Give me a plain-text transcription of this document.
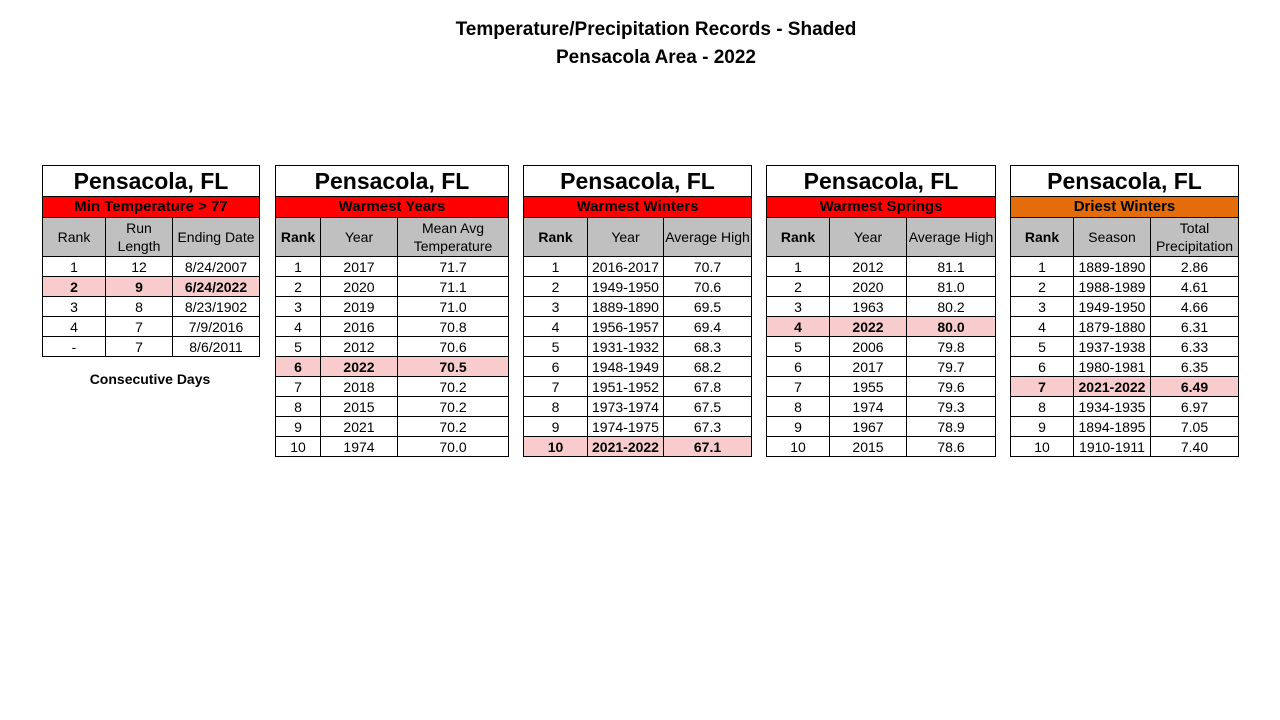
Temperature/Precipitation Records - Shaded
Pensacola Area - 2022
Pensacola, FL		
Min Temperature > 77		
Rank	Run Length	Ending Date
1	12	8/24/2007
2	9	6/24/2022
3	8	8/23/1902
4	7	7/9/2016
-	7	8/6/2011
Pensacola, FL		
Warmest Years		
Rank	Year	Mean Avg Temperature
1	2017	71.7
2	2020	71.1
3	2019	71.0
4	2016	70.8
5	2012	70.6
6	2022	70.5
7	2018	70.2
8	2015	70.2
9	2021	70.2
10	1974	70.0
Pensacola, FL		
Warmest Winters		
Rank	Year	Average High
1	2016-2017	70.7
2	1949-1950	70.6
3	1889-1890	69.5
4	1956-1957	69.4
5	1931-1932	68.3
6	1948-1949	68.2
7	1951-1952	67.8
8	1973-1974	67.5
9	1974-1975	67.3
10	2021-2022	67.1
Pensacola, FL		
Warmest Springs		
Rank	Year	Average High
1	2012	81.1
2	2020	81.0
3	1963	80.2
4	2022	80.0
5	2006	79.8
6	2017	79.7
7	1955	79.6
8	1974	79.3
9	1967	78.9
10	2015	78.6
Pensacola, FL		
Driest Winters		
Rank	Season	Total Precipitation
1	1889-1890	2.86
2	1988-1989	4.61
3	1949-1950	4.66
4	1879-1880	6.31
5	1937-1938	6.33
6	1980-1981	6.35
7	2021-2022	6.49
8	1934-1935	6.97
9	1894-1895	7.05
10	1910-1911	7.40
Consecutive Days
